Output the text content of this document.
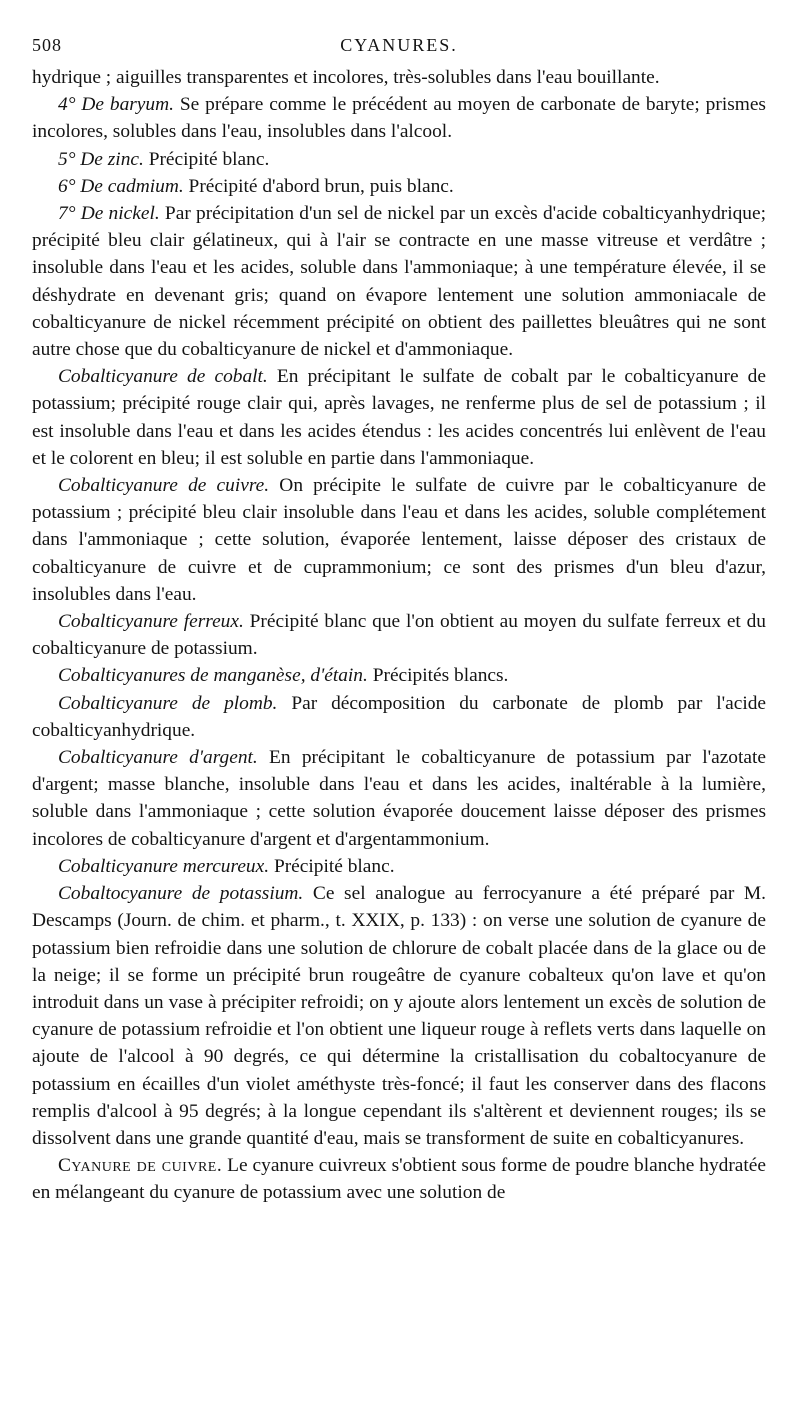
508	CYANURES.

hydrique ; aiguilles transparentes et incolores, très-solubles dans l'eau bouillante.

4° De baryum. Se prépare comme le précédent au moyen de carbonate de baryte; prismes incolores, solubles dans l'eau, insolubles dans l'alcool.

5° De zinc. Précipité blanc.

6° De cadmium. Précipité d'abord brun, puis blanc.

7° De nickel. Par précipitation d'un sel de nickel par un excès d'acide cobalticyanhydrique; précipité bleu clair gélatineux, qui à l'air se contracte en une masse vitreuse et verdâtre ; insoluble dans l'eau et les acides, soluble dans l'ammoniaque; à une température élevée, il se déshydrate en devenant gris; quand on évapore lentement une solution ammoniacale de cobalticyanure de nickel récemment précipité on obtient des paillettes bleuâtres qui ne sont autre chose que du cobalticyanure de nickel et d'ammoniaque.

Cobalticyanure de cobalt. En précipitant le sulfate de cobalt par le cobalticyanure de potassium; précipité rouge clair qui, après lavages, ne renferme plus de sel de potassium ; il est insoluble dans l'eau et dans les acides étendus : les acides concentrés lui enlèvent de l'eau et le colorent en bleu; il est soluble en partie dans l'ammoniaque.

Cobalticyanure de cuivre. On précipite le sulfate de cuivre par le cobalticyanure de potassium ; précipité bleu clair insoluble dans l'eau et dans les acides, soluble complétement dans l'ammoniaque ; cette solution, évaporée lentement, laisse déposer des cristaux de cobalticyanure de cuivre et de cuprammonium; ce sont des prismes d'un bleu d'azur, insolubles dans l'eau.

Cobalticyanure ferreux. Précipité blanc que l'on obtient au moyen du sulfate ferreux et du cobalticyanure de potassium.

Cobalticyanures de manganèse, d'étain. Précipités blancs.

Cobalticyanure de plomb. Par décomposition du carbonate de plomb par l'acide cobalticyanhydrique.

Cobalticyanure d'argent. En précipitant le cobalticyanure de potassium par l'azotate d'argent; masse blanche, insoluble dans l'eau et dans les acides, inaltérable à la lumière, soluble dans l'ammoniaque ; cette solution évaporée doucement laisse déposer des prismes incolores de cobalticyanure d'argent et d'argentammonium.

Cobalticyanure mercureux. Précipité blanc.

Cobaltocyanure de potassium. Ce sel analogue au ferrocyanure a été préparé par M. Descamps (Journ. de chim. et pharm., t. XXIX, p. 133) : on verse une solution de cyanure de potassium bien refroidie dans une solution de chlorure de cobalt placée dans de la glace ou de la neige; il se forme un précipité brun rougeâtre de cyanure cobalteux qu'on lave et qu'on introduit dans un vase à précipiter refroidi; on y ajoute alors lentement un excès de solution de cyanure de potassium refroidie et l'on obtient une liqueur rouge à reflets verts dans laquelle on ajoute de l'alcool à 90 degrés, ce qui détermine la cristallisation du cobaltocyanure de potassium en écailles d'un violet améthyste très-foncé; il faut les conserver dans des flacons remplis d'alcool à 95 degrés; à la longue cependant ils s'altèrent et deviennent rouges; ils se dissolvent dans une grande quantité d'eau, mais se transforment de suite en cobalticyanures.

Cyanure de cuivre. Le cyanure cuivreux s'obtient sous forme de poudre blanche hydratée en mélangeant du cyanure de potassium avec une solution de
